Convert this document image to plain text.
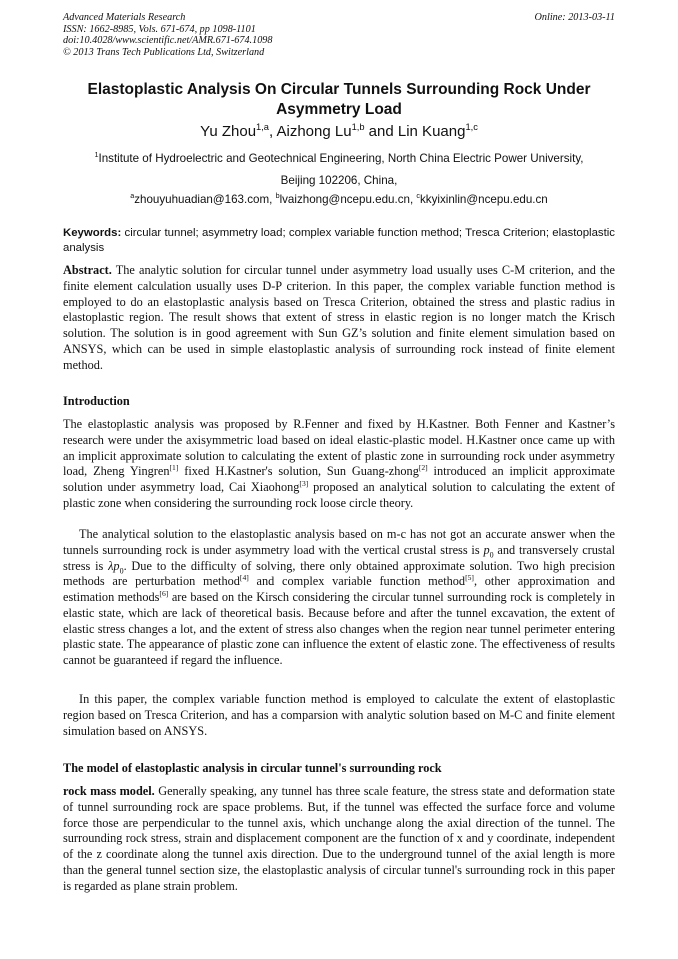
Advanced Materials Research
ISSN: 1662-8985, Vols. 671-674, pp 1098-1101
doi:10.4028/www.scientific.net/AMR.671-674.1098
© 2013 Trans Tech Publications Ltd, Switzerland
Online: 2013-03-11
Elastoplastic Analysis On Circular Tunnels Surrounding Rock Under Asymmetry Load
Yu Zhou$^{1,a}$, Aizhong Lu$^{1,b}$ and Lin Kuang$^{1,c}$
$^1$Institute of Hydroelectric and Geotechnical Engineering, North China Electric Power University,
Beijing 102206, China,
$^a$zhouyuhuadian@163.com, $^b$lvaizhong@ncepu.edu.cn, $^c$kkyixinlin@ncepu.edu.cn
Keywords: circular tunnel; asymmetry load; complex variable function method; Tresca Criterion; elastoplastic analysis
Abstract. The analytic solution for circular tunnel under asymmetry load usually uses C-M criterion, and the finite element calculation usually uses D-P criterion. In this paper, the complex variable function method is employed to do an elastoplastic analysis based on Tresca Criterion, obtained the stress and plastic radius in elastoplastic region. The result shows that extent of stress in elastic region is no longer match the Krisch solution. The solution is in good agreement with Sun GZ’s solution and finite element simulation based on ANSYS, which can be used in simple elastoplastic analysis of surrounding rock instead of finite element method.
Introduction
The elastoplastic analysis was proposed by R.Fenner and fixed by H.Kastner. Both Fenner and Kastner’s research were under the axisymmetric load based on ideal elastic-plastic model. H.Kastner once came up with an implicit approximate solution to calculating the extent of plastic zone in surrounding rock under asymmetry load, Zheng Yingren[1] fixed H.Kastner's solution, Sun Guang-zhong[2] introduced an implicit approximate solution under asymmetry load, Cai Xiaohong[3] proposed an analytical solution to calculating the extent of plastic zone when considering the surrounding rock loose circle theory.
The analytical solution to the elastoplastic analysis based on m-c has not got an accurate answer when the tunnels surrounding rock is under asymmetry load with the vertical crustal stress is $p_0$ and transversely crustal stress is $\lambda p_0$. Due to the difficulty of solving, there only obtained approximate solution. Two high precision methods are perturbation method[4] and complex variable function method[5], other approximation and estimation methods[6] are based on the Kirsch considering the circular tunnel surrounding rock is completely in elastic state, which are lack of theoretical basis. Because before and after the tunnel excavation, the extent of elastic stress changes a lot, and the extent of stress also changes when the region near tunnel perimeter entering plastic state. The appearance of plastic zone can influence the extent of elastic zone. The effectiveness of results cannot be guaranteed if regard the influence.
In this paper, the complex variable function method is employed to calculate the extent of elastoplastic region based on Tresca Criterion, and has a comparsion with analytic solution based on M-C and finite element simulation based on ANSYS.
The model of elastoplastic analysis in circular tunnel's surrounding rock
rock mass model. Generally speaking, any tunnel has three scale feature, the stress state and deformation state of tunnel surrounding rock are space problems. But, if the tunnel was effected the surface force and volume force those are perpendicular to the tunnel axis, which unchange along the axial direction of the tunnel. The surrounding rock stress, strain and displacement component are the function of x and y coordinate, independent of the z coordinate along the tunnel axis direction. Due to the underground tunnel of the axial length is more than the general tunnel section size, the elastoplastic analysis of circular tunnel's surrounding rock in this paper is regarded as plane strain problem.
